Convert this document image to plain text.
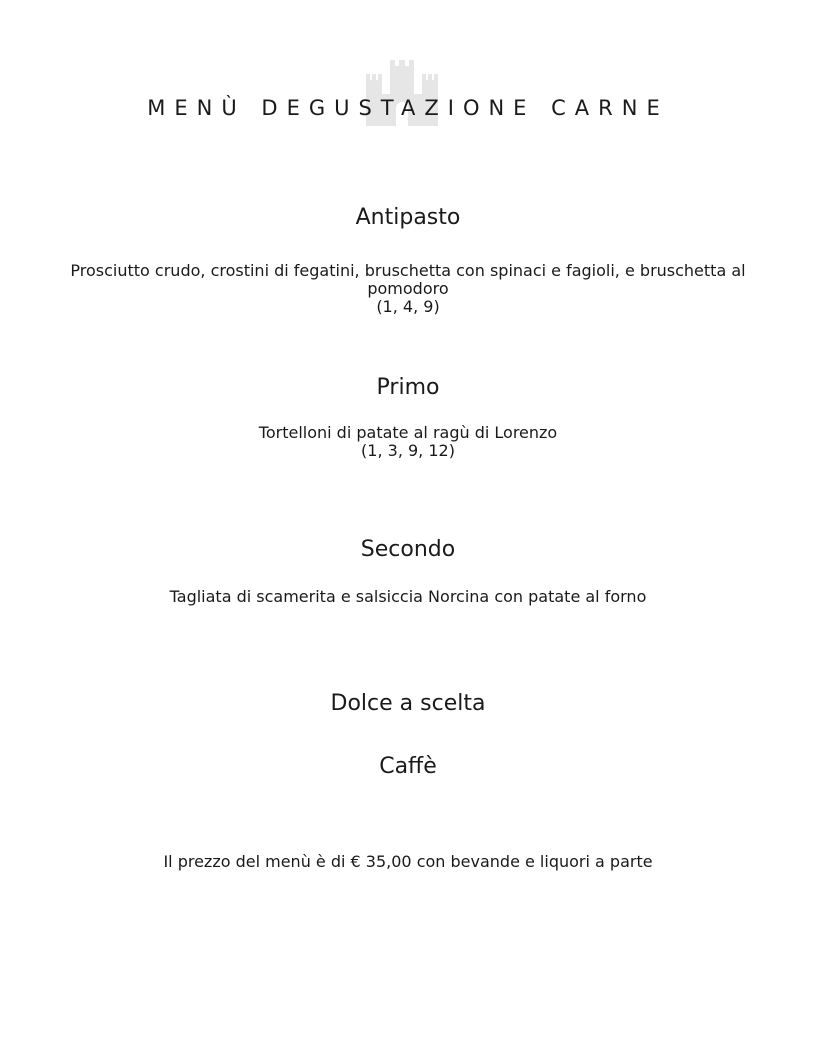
MENÙ DEGUSTAZIONE CARNE
Antipasto

Prosciutto crudo, crostini di fegatini, bruschetta con spinaci e fagioli, e bruschetta al pomodoro

(1, 4, 9)

Primo

Tortelloni di patate al ragù di Lorenzo

(1, 3, 9, 12)

Secondo

Tagliata di scamerita e salsiccia Norcina con patate al forno

Dolce a scelta
Caffè

Il prezzo del menù è di € 35,00 con bevande e liquori a parte
